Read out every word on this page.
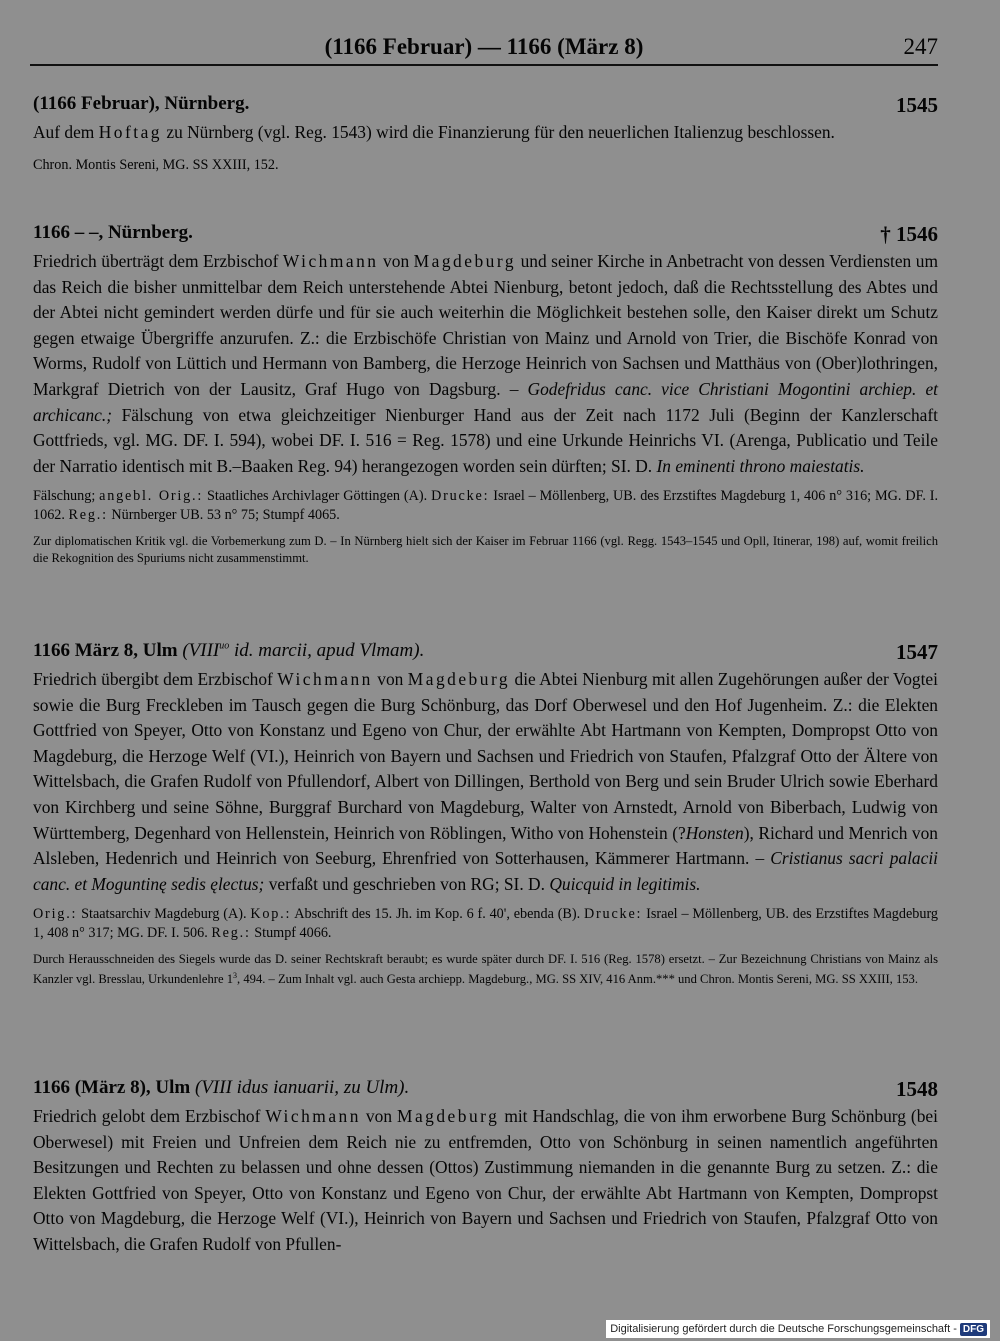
(1166 Februar) — 1166 (März 8)	247
(1166 Februar), Nürnberg.	1545
Auf dem Hoftag zu Nürnberg (vgl. Reg. 1543) wird die Finanzierung für den neuerlichen Italienzug beschlossen.
Chron. Montis Sereni, MG. SS XXIII, 152.
1166 – –, Nürnberg.	† 1546
Friedrich überträgt dem Erzbischof Wichmann von Magdeburg und seiner Kirche in Anbetracht von dessen Verdiensten um das Reich die bisher unmittelbar dem Reich unterstehende Abtei Nienburg, betont jedoch, daß die Rechtsstellung des Abtes und der Abtei nicht gemindert werden dürfe und für sie auch weiterhin die Möglichkeit bestehen solle, den Kaiser direkt um Schutz gegen etwaige Übergriffe anzurufen. Z.: die Erzbischöfe Christian von Mainz und Arnold von Trier, die Bischöfe Konrad von Worms, Rudolf von Lüttich und Hermann von Bamberg, die Herzoge Heinrich von Sachsen und Matthäus von (Ober)lothringen, Markgraf Dietrich von der Lausitz, Graf Hugo von Dagsburg. – Godefridus canc. vice Christiani Mogontini archiep. et archicanc.; Fälschung von etwa gleichzeitiger Nienburger Hand aus der Zeit nach 1172 Juli (Beginn der Kanzlerschaft Gottfrieds, vgl. MG. DF. I. 594), wobei DF. I. 516 = Reg. 1578) und eine Urkunde Heinrichs VI. (Arenga, Publicatio und Teile der Narratio identisch mit B.–Baaken Reg. 94) herangezogen worden sein dürften; SI. D. In eminenti throno maiestatis.
Fälschung; angebl. Orig.: Staatliches Archivlager Göttingen (A). Drucke: Israel – Möllenberg, UB. des Erzstiftes Magdeburg 1, 406 n° 316; MG. DF. I. 1062. Reg.: Nürnberger UB. 53 n° 75; Stumpf 4065.
Zur diplomatischen Kritik vgl. die Vorbemerkung zum D. – In Nürnberg hielt sich der Kaiser im Februar 1166 (vgl. Regg. 1543–1545 und Opll, Itinerar, 198) auf, womit freilich die Rekognition des Spuriums nicht zusammenstimmt.
1166 März 8, Ulm ($VIII^{uo}$ id. marcii, apud Vlmam).	1547
Friedrich übergibt dem Erzbischof Wichmann von Magdeburg die Abtei Nienburg mit allen Zugehörungen außer der Vogtei sowie die Burg Freckleben im Tausch gegen die Burg Schönburg, das Dorf Oberwesel und den Hof Jugenheim. Z.: die Elekten Gottfried von Speyer, Otto von Konstanz und Egeno von Chur, der erwählte Abt Hartmann von Kempten, Dompropst Otto von Magdeburg, die Herzoge Welf (VI.), Heinrich von Bayern und Sachsen und Friedrich von Staufen, Pfalzgraf Otto der Ältere von Wittelsbach, die Grafen Rudolf von Pfullendorf, Albert von Dillingen, Berthold von Berg und sein Bruder Ulrich sowie Eberhard von Kirchberg und seine Söhne, Burggraf Burchard von Magdeburg, Walter von Arnstedt, Arnold von Biberbach, Ludwig von Württemberg, Degenhard von Hellenstein, Heinrich von Röblingen, Witho von Hohenstein (?Honsten), Richard und Menrich von Alsleben, Hedenrich und Heinrich von Seeburg, Ehrenfried von Sotterhausen, Kämmerer Hartmann. – Cristianus sacri palacii canc. et Moguntinę sedis ęlectus; verfaßt und geschrieben von RG; SI. D. Quicquid in legitimis.
Orig.: Staatsarchiv Magdeburg (A). Kop.: Abschrift des 15. Jh. im Kop. 6 f. 40', ebenda (B). Drucke: Israel – Möllenberg, UB. des Erzstiftes Magdeburg 1, 408 n° 317; MG. DF. I. 506. Reg.: Stumpf 4066.
Durch Herausschneiden des Siegels wurde das D. seiner Rechtskraft beraubt; es wurde später durch DF. I. 516 (Reg. 1578) ersetzt. – Zur Bezeichnung Christians von Mainz als Kanzler vgl. Bresslau, Urkundenlehre $1^3$, 494. – Zum Inhalt vgl. auch Gesta archiepp. Magdeburg., MG. SS XIV, 416 Anm.*** und Chron. Montis Sereni, MG. SS XXIII, 153.
1166 (März 8), Ulm (VIII idus ianuarii, zu Ulm).	1548
Friedrich gelobt dem Erzbischof Wichmann von Magdeburg mit Handschlag, die von ihm erworbene Burg Schönburg (bei Oberwesel) mit Freien und Unfreien dem Reich nie zu entfremden, Otto von Schönburg in seinen namentlich angeführten Besitzungen und Rechten zu belassen und ohne dessen (Ottos) Zustimmung niemanden in die genannte Burg zu setzen. Z.: die Elekten Gottfried von Speyer, Otto von Konstanz und Egeno von Chur, der erwählte Abt Hartmann von Kempten, Dompropst Otto von Magdeburg, die Herzoge Welf (VI.), Heinrich von Bayern und Sachsen und Friedrich von Staufen, Pfalzgraf Otto von Wittelsbach, die Grafen Rudolf von Pfullen-
Digitalisierung gefördert durch die Deutsche Forschungsgemeinschaft - DFG
